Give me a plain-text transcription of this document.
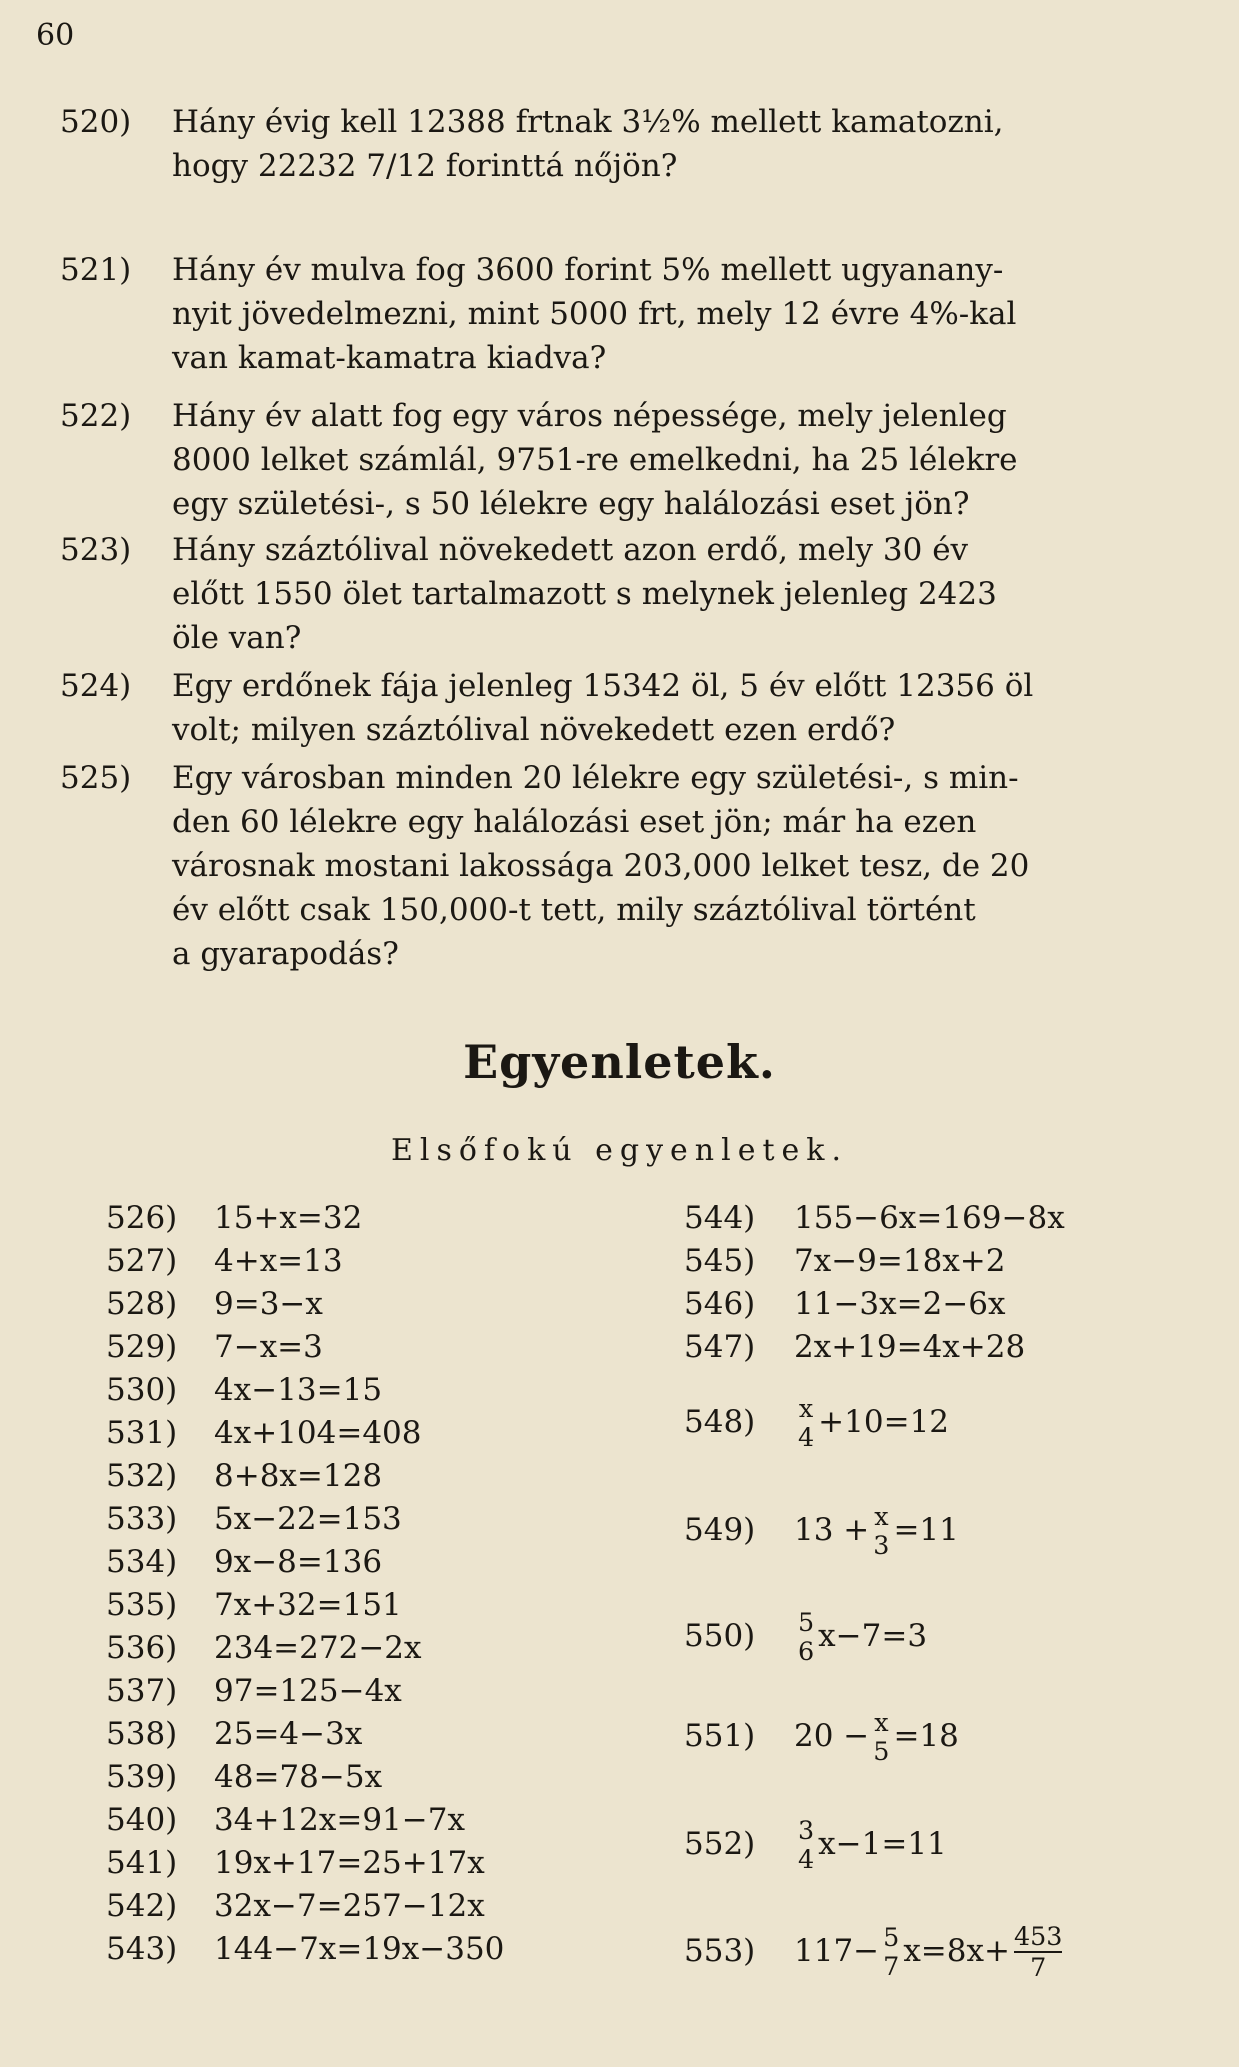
60
520) Hány évig kell 12388 frtnak 3½% mellett kamatozni,
hogy 22232 7/12 forinttá nőjön?
521) Hány év mulva fog 3600 forint 5% mellett ugyanany-
nyit jövedelmezni, mint 5000 frt, mely 12 évre 4%-kal
van kamat-kamatra kiadva?
522) Hány év alatt fog egy város népessége, mely jelenleg
8000 lelket számlál, 9751-re emelkedni, ha 25 lélekre
egy születési-, s 50 lélekre egy halálozási eset jön?
523) Hány száztólival növekedett azon erdő, mely 30 év
előtt 1550 ölet tartalmazott s melynek jelenleg 2423
öle van?
524) Egy erdőnek fája jelenleg 15342 öl, 5 év előtt 12356 öl
volt; milyen száztólival növekedett ezen erdő?
525) Egy városban minden 20 lélekre egy születési-, s min-
den 60 lélekre egy halálozási eset jön; már ha ezen
városnak mostani lakossága 203,000 lelket tesz, de 20
év előtt csak 150,000-t tett, mily száztólival történt
a gyarapodás?
Egyenletek.
Elsőfokú egyenletek.
526) 15+x=32
527) 4+x=13
528) 9=3−x
529) 7−x=3
530) 4x−13=15
531) 4x+104=408
532) 8+8x=128
533) 5x−22=153
534) 9x−8=136
535) 7x+32=151
536) 234=272−2x
537) 97=125−4x
538) 25=4−3x
539) 48=78−5x
540) 34+12x=91−7x
541) 19x+17=25+17x
542) 32x−7=257−12x
543) 144−7x=19x−350
544) 155−6x=169−8x
545) 7x−9=18x+2
546) 11−3x=2−6x
547) 2x+19=4x+28
548) x
4 +10=12
549) 13 + x
3 =11
550) 5
6 x−7=3
551) 20 − x
5 =18
552) 3
4 x−1=11
553) 117− 5
7 $x=8x+ \frac{453}{7}$
